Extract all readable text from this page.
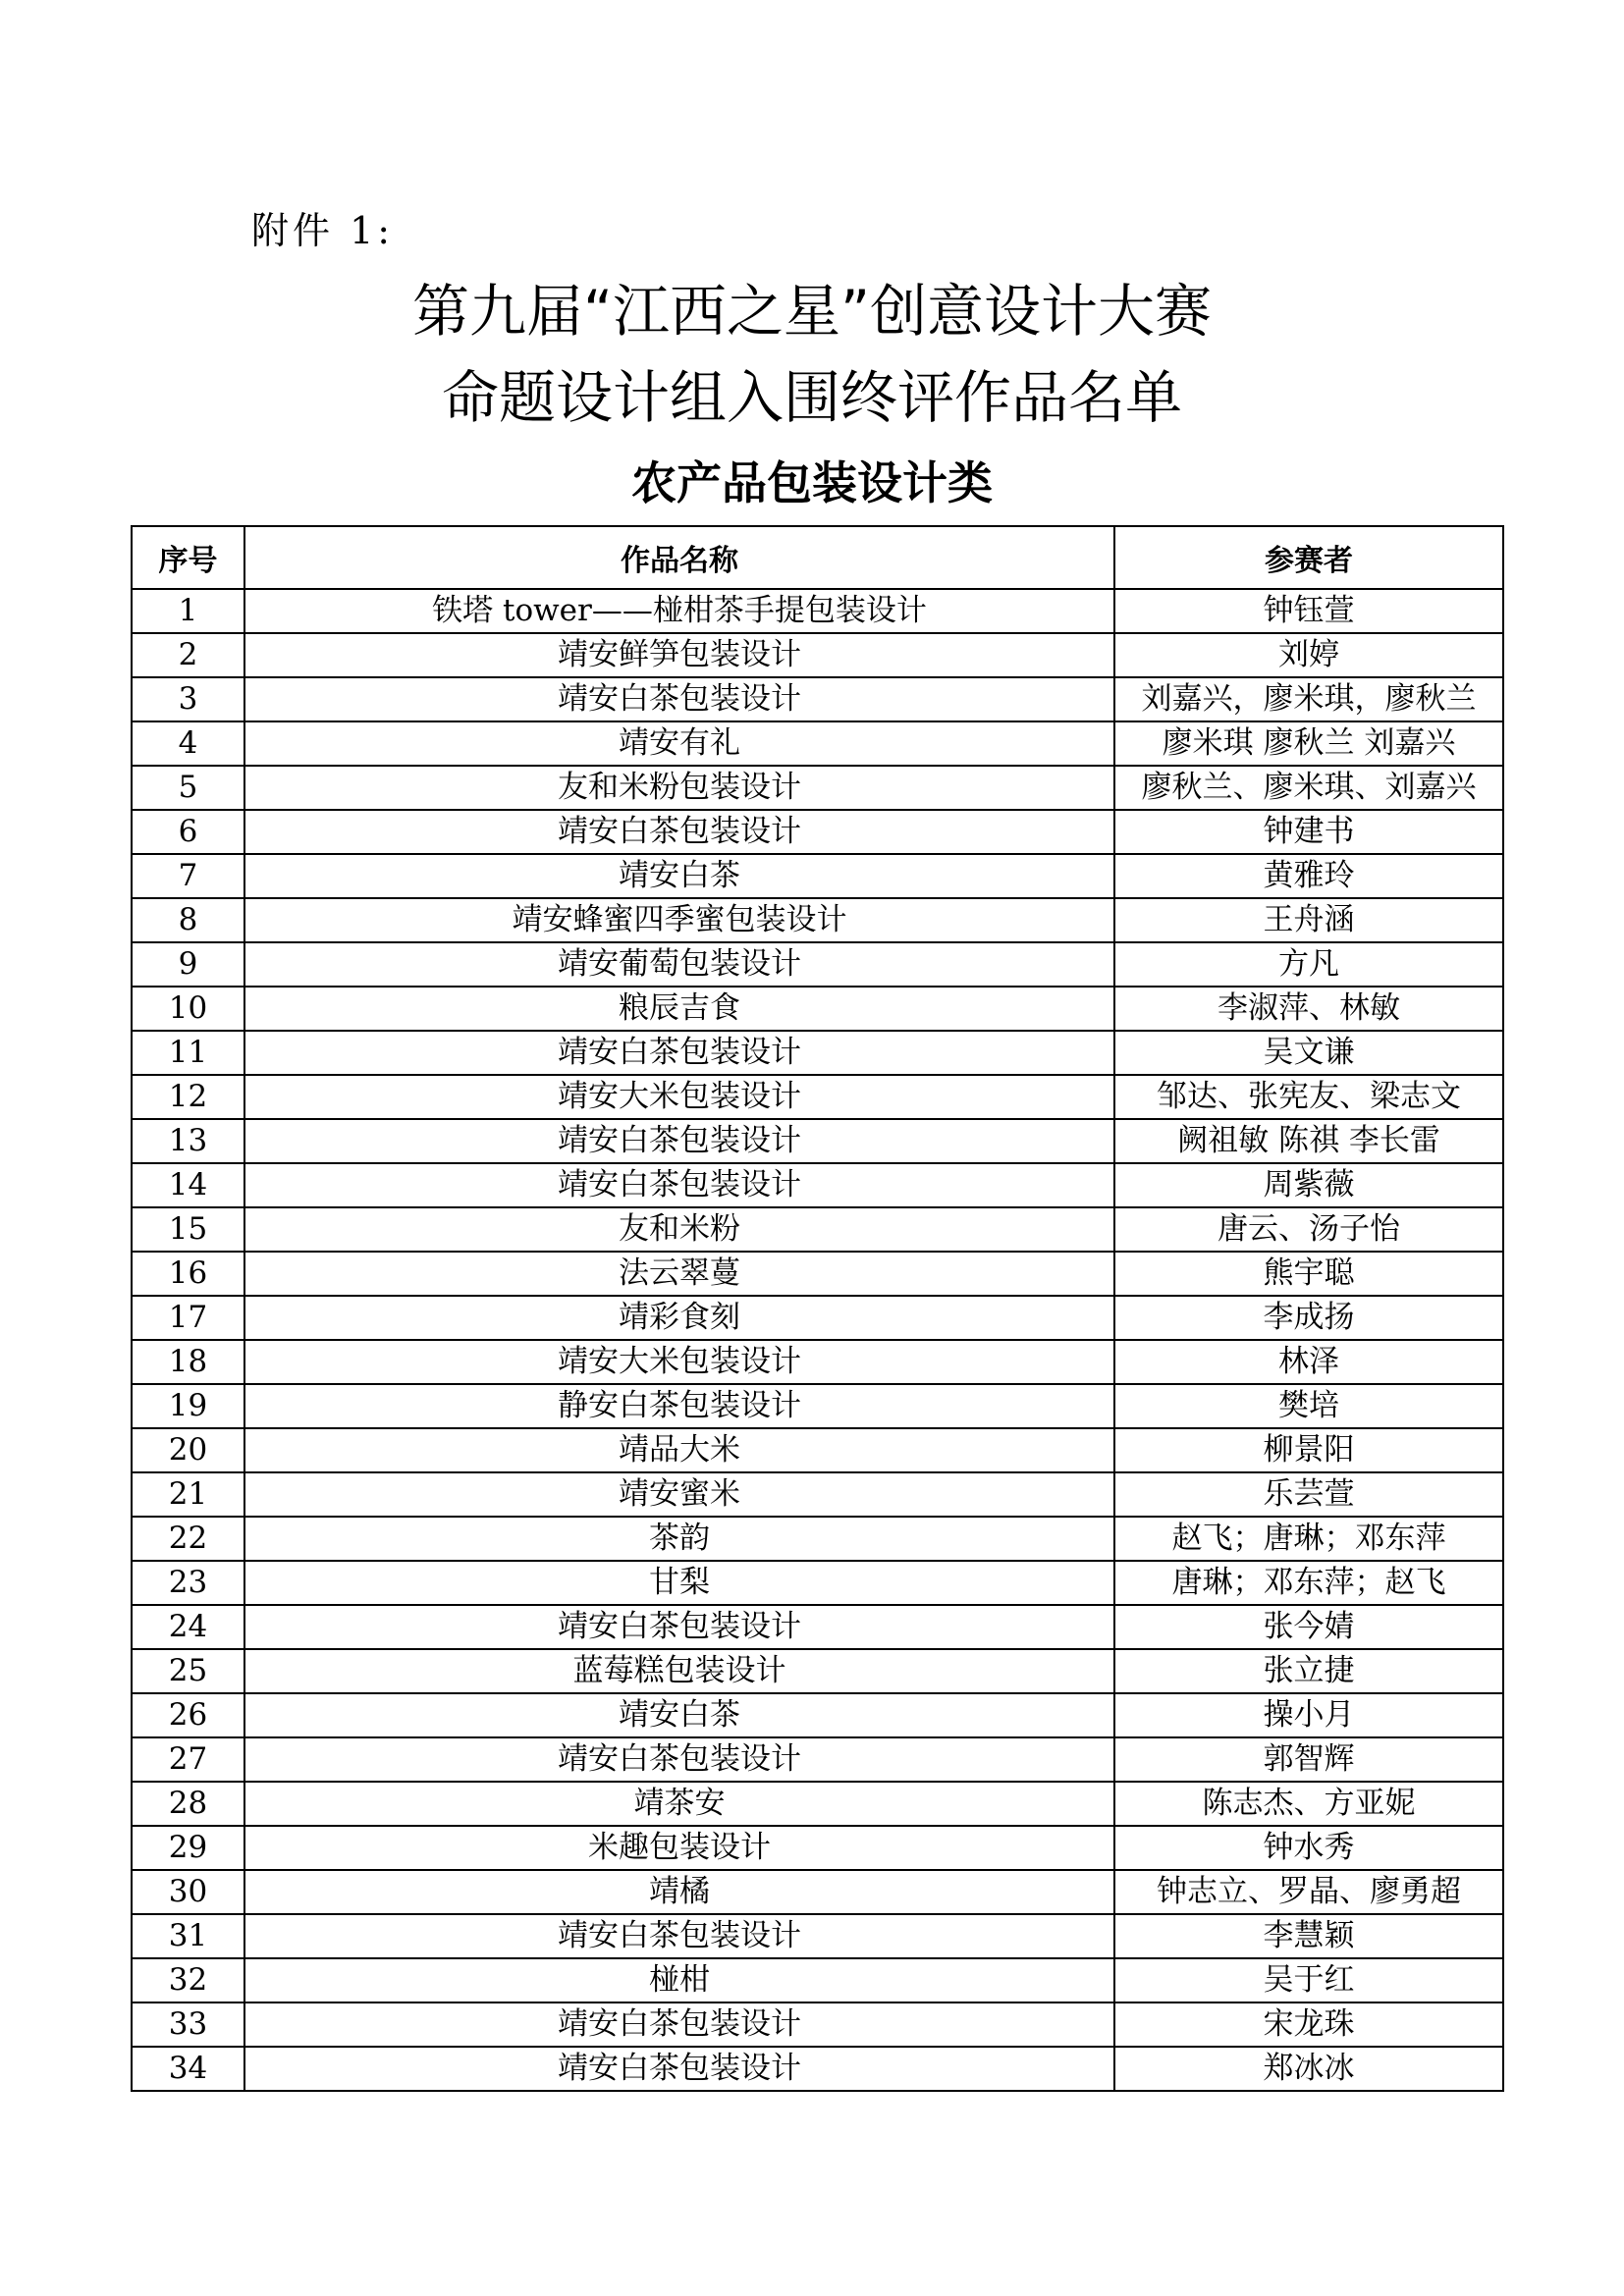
附件 1:
第九届“江西之星”创意设计大赛
命题设计组入围终评作品名单
农产品包装设计类
序号	作品名称	参赛者
1	铁塔 tower——椪柑茶手提包装设计	钟钰萱
2	靖安鲜笋包装设计	刘婷
3	靖安白茶包装设计	刘嘉兴，廖米琪，廖秋兰
4	靖安有礼	廖米琪 廖秋兰 刘嘉兴
5	友和米粉包装设计	廖秋兰、廖米琪、刘嘉兴
6	靖安白茶包装设计	钟建书
7	靖安白茶	黄雅玲
8	靖安蜂蜜四季蜜包装设计	王舟涵
9	靖安葡萄包装设计	方凡
10	粮辰吉食	李淑萍、林敏
11	靖安白茶包装设计	吴文谦
12	靖安大米包装设计	邹达、张宪友、梁志文
13	靖安白茶包装设计	阙祖敏 陈祺 李长雷
14	靖安白茶包装设计	周紫薇
15	友和米粉	唐云、汤子怡
16	法云翠蔓	熊宇聪
17	靖彩食刻	李成扬
18	靖安大米包装设计	林泽
19	静安白茶包装设计	樊培
20	靖品大米	柳景阳
21	靖安蜜米	乐芸萱
22	茶韵	赵飞；唐琳；邓东萍
23	甘梨	唐琳；邓东萍；赵飞
24	靖安白茶包装设计	张今婧
25	蓝莓糕包装设计	张立捷
26	靖安白茶	操小月
27	靖安白茶包装设计	郭智辉
28	靖茶安	陈志杰、方亚妮
29	米趣包装设计	钟水秀
30	靖橘	钟志立、罗晶、廖勇超
31	靖安白茶包装设计	李慧颖
32	椪柑	吴于红
33	靖安白茶包装设计	宋龙珠
34	靖安白茶包装设计	郑冰冰
